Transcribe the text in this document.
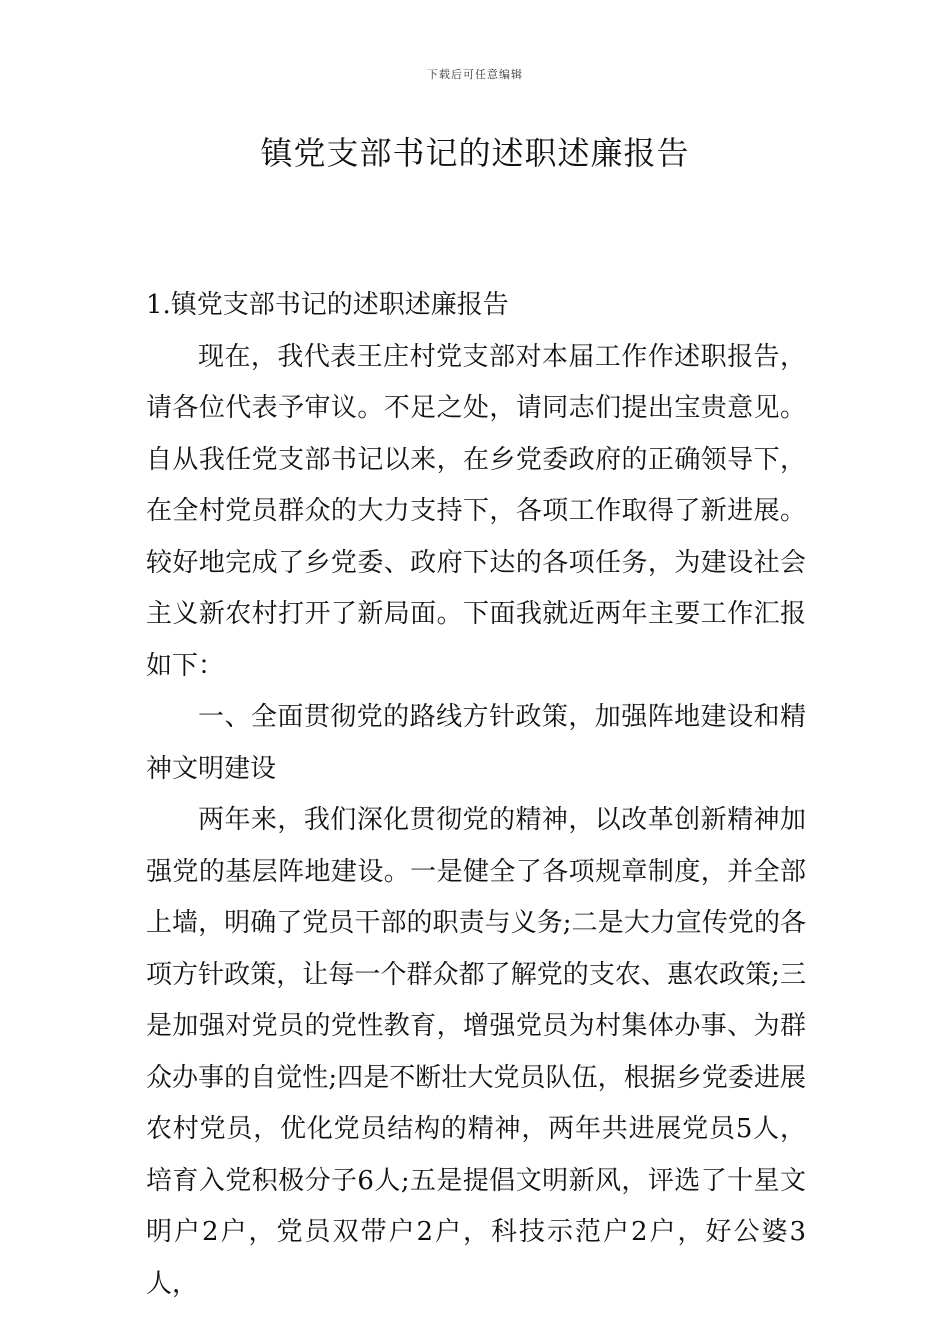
下载后可任意编辑
镇党支部书记的述职述廉报告

1.镇党支部书记的述职述廉报告

现在，我代表王庄村党支部对本届工作作述职报告，请各位代表予审议。不足之处，请同志们提出宝贵意见。自从我任党支部书记以来，在乡党委政府的正确领导下，在全村党员群众的大力支持下，各项工作取得了新进展。较好地完成了乡党委、政府下达的各项任务，为建设社会主义新农村打开了新局面。下面我就近两年主要工作汇报如下：

一、全面贯彻党的路线方针政策，加强阵地建设和精神文明建设

两年来，我们深化贯彻党的精神，以改革创新精神加强党的基层阵地建设。一是健全了各项规章制度，并全部上墙，明确了党员干部的职责与义务;二是大力宣传党的各项方针政策，让每一个群众都了解党的支农、惠农政策;三是加强对党员的党性教育，增强党员为村集体办事、为群众办事的自觉性;四是不断壮大党员队伍，根据乡党委进展农村党员，优化党员结构的精神，两年共进展党员5人，培育入党积极分子6人;五是提倡文明新风，评选了十星文明户2户，党员双带户2户，科技示范户2户，好公婆3人，
